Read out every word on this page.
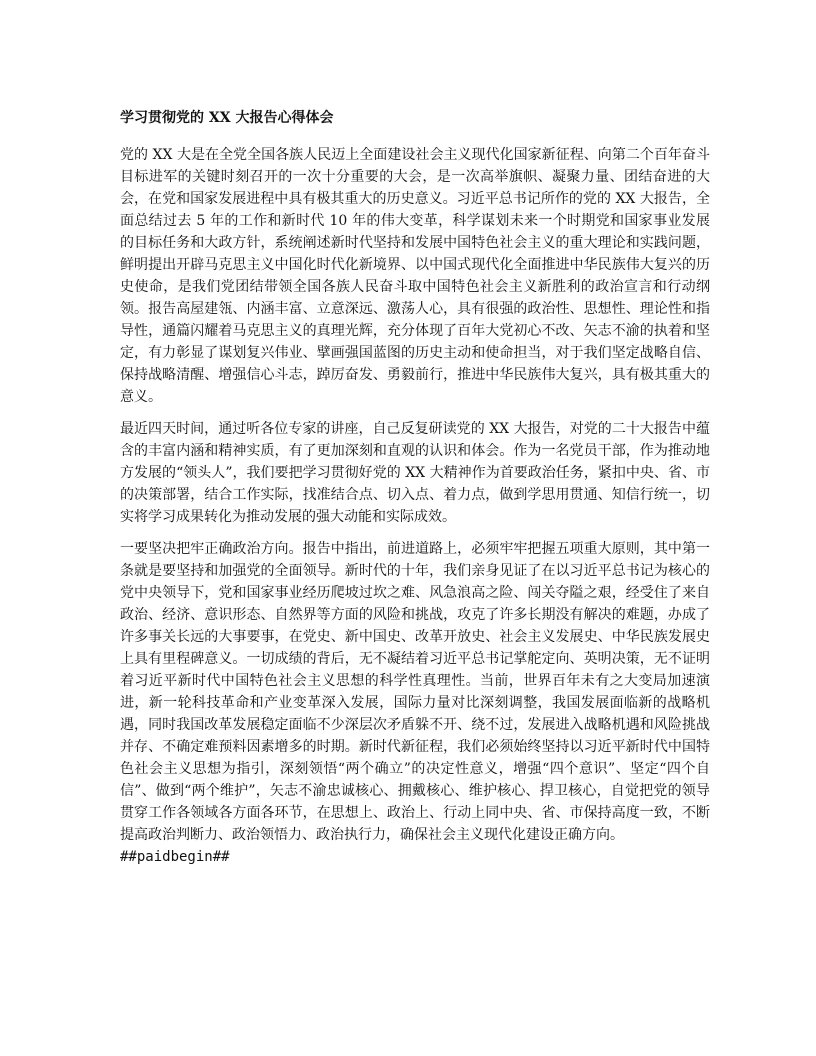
学习贯彻党的 XX 大报告心得体会

党的 XX 大是在全党全国各族人民迈上全面建设社会主义现代化国家新征程、向第二个百年奋斗目标进军的关键时刻召开的一次十分重要的大会，是一次高举旗帜、凝聚力量、团结奋进的大会，在党和国家发展进程中具有极其重大的历史意义。习近平总书记所作的党的 XX 大报告，全面总结过去 5 年的工作和新时代 10 年的伟大变革，科学谋划未来一个时期党和国家事业发展的目标任务和大政方针，系统阐述新时代坚持和发展中国特色社会主义的重大理论和实践问题，鲜明提出开辟马克思主义中国化时代化新境界、以中国式现代化全面推进中华民族伟大复兴的历史使命，是我们党团结带领全国各族人民奋斗取中国特色社会主义新胜利的政治宣言和行动纲领。报告高屋建瓴、内涵丰富、立意深远、激荡人心，具有很强的政治性、思想性、理论性和指导性，通篇闪耀着马克思主义的真理光辉，充分体现了百年大党初心不改、矢志不渝的执着和坚定，有力彰显了谋划复兴伟业、擘画强国蓝图的历史主动和使命担当，对于我们坚定战略自信、保持战略清醒、增强信心斗志，踔厉奋发、勇毅前行，推进中华民族伟大复兴，具有极其重大的意义。

最近四天时间，通过听各位专家的讲座，自己反复研读党的 XX 大报告，对党的二十大报告中蕴含的丰富内涵和精神实质，有了更加深刻和直观的认识和体会。作为一名党员干部，作为推动地方发展的“领头人”，我们要把学习贯彻好党的 XX 大精神作为首要政治任务，紧扣中央、省、市的决策部署，结合工作实际，找准结合点、切入点、着力点，做到学思用贯通、知信行统一，切实将学习成果转化为推动发展的强大动能和实际成效。

一要坚决把牢正确政治方向。报告中指出，前进道路上，必须牢牢把握五项重大原则，其中第一条就是要坚持和加强党的全面领导。新时代的十年，我们亲身见证了在以习近平总书记为核心的党中央领导下，党和国家事业经历爬坡过坎之难、风急浪高之险、闯关夺隘之艰，经受住了来自政治、经济、意识形态、自然界等方面的风险和挑战，攻克了许多长期没有解决的难题，办成了许多事关长远的大事要事，在党史、新中国史、改革开放史、社会主义发展史、中华民族发展史上具有里程碑意义。一切成绩的背后，无不凝结着习近平总书记掌舵定向、英明决策，无不证明着习近平新时代中国特色社会主义思想的科学性真理性。当前，世界百年未有之大变局加速演进，新一轮科技革命和产业变革深入发展，国际力量对比深刻调整，我国发展面临新的战略机遇，同时我国改革发展稳定面临不少深层次矛盾躲不开、绕不过，发展进入战略机遇和风险挑战并存、不确定难预料因素增多的时期。新时代新征程，我们必须始终坚持以习近平新时代中国特色社会主义思想为指引，深刻领悟“两个确立”的决定性意义，增强“四个意识”、坚定“四个自信”、做到“两个维护”，矢志不渝忠诚核心、拥戴核心、维护核心、捍卫核心，自觉把党的领导贯穿工作各领域各方面各环节，在思想上、政治上、行动上同中央、省、市保持高度一致，不断提高政治判断力、政治领悟力、政治执行力，确保社会主义现代化建设正确方向。

##paidbegin##
